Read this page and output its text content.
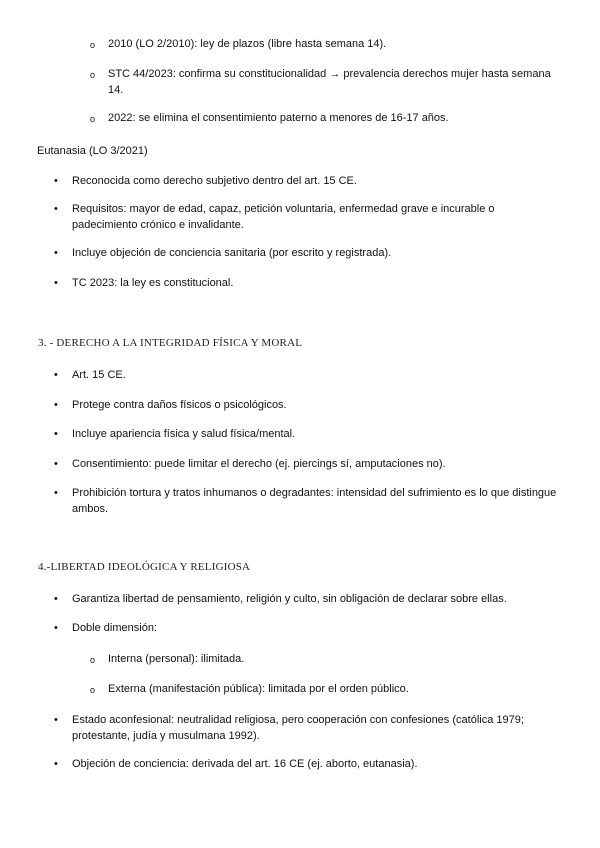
o 2010 (LO 2/2010): ley de plazos (libre hasta semana 14).
o STC 44/2023: confirma su constitucionalidad → prevalencia derechos mujer hasta semana 14.
o 2022: se elimina el consentimiento paterno a menores de 16-17 años.
Eutanasia (LO 3/2021)
• Reconocida como derecho subjetivo dentro del art. 15 CE.
• Requisitos: mayor de edad, capaz, petición voluntaria, enfermedad grave e incurable o padecimiento crónico e invalidante.
• Incluye objeción de conciencia sanitaria (por escrito y registrada).
• TC 2023: la ley es constitucional.
3. - DERECHO A LA INTEGRIDAD FÍSICA Y MORAL
• Art. 15 CE.
• Protege contra daños físicos o psicológicos.
• Incluye apariencia física y salud física/mental.
• Consentimiento: puede limitar el derecho (ej. piercings sí, amputaciones no).
• Prohibición tortura y tratos inhumanos o degradantes: intensidad del sufrimiento es lo que distingue ambos.
4.-LIBERTAD IDEOLÓGICA Y RELIGIOSA
• Garantiza libertad de pensamiento, religión y culto, sin obligación de declarar sobre ellas.
• Doble dimensión:
o Interna (personal): ilimitada.
o Externa (manifestación pública): limitada por el orden público.
• Estado aconfesional: neutralidad religiosa, pero cooperación con confesiones (católica 1979; protestante, judía y musulmana 1992).
• Objeción de conciencia: derivada del art. 16 CE (ej. aborto, eutanasia).
